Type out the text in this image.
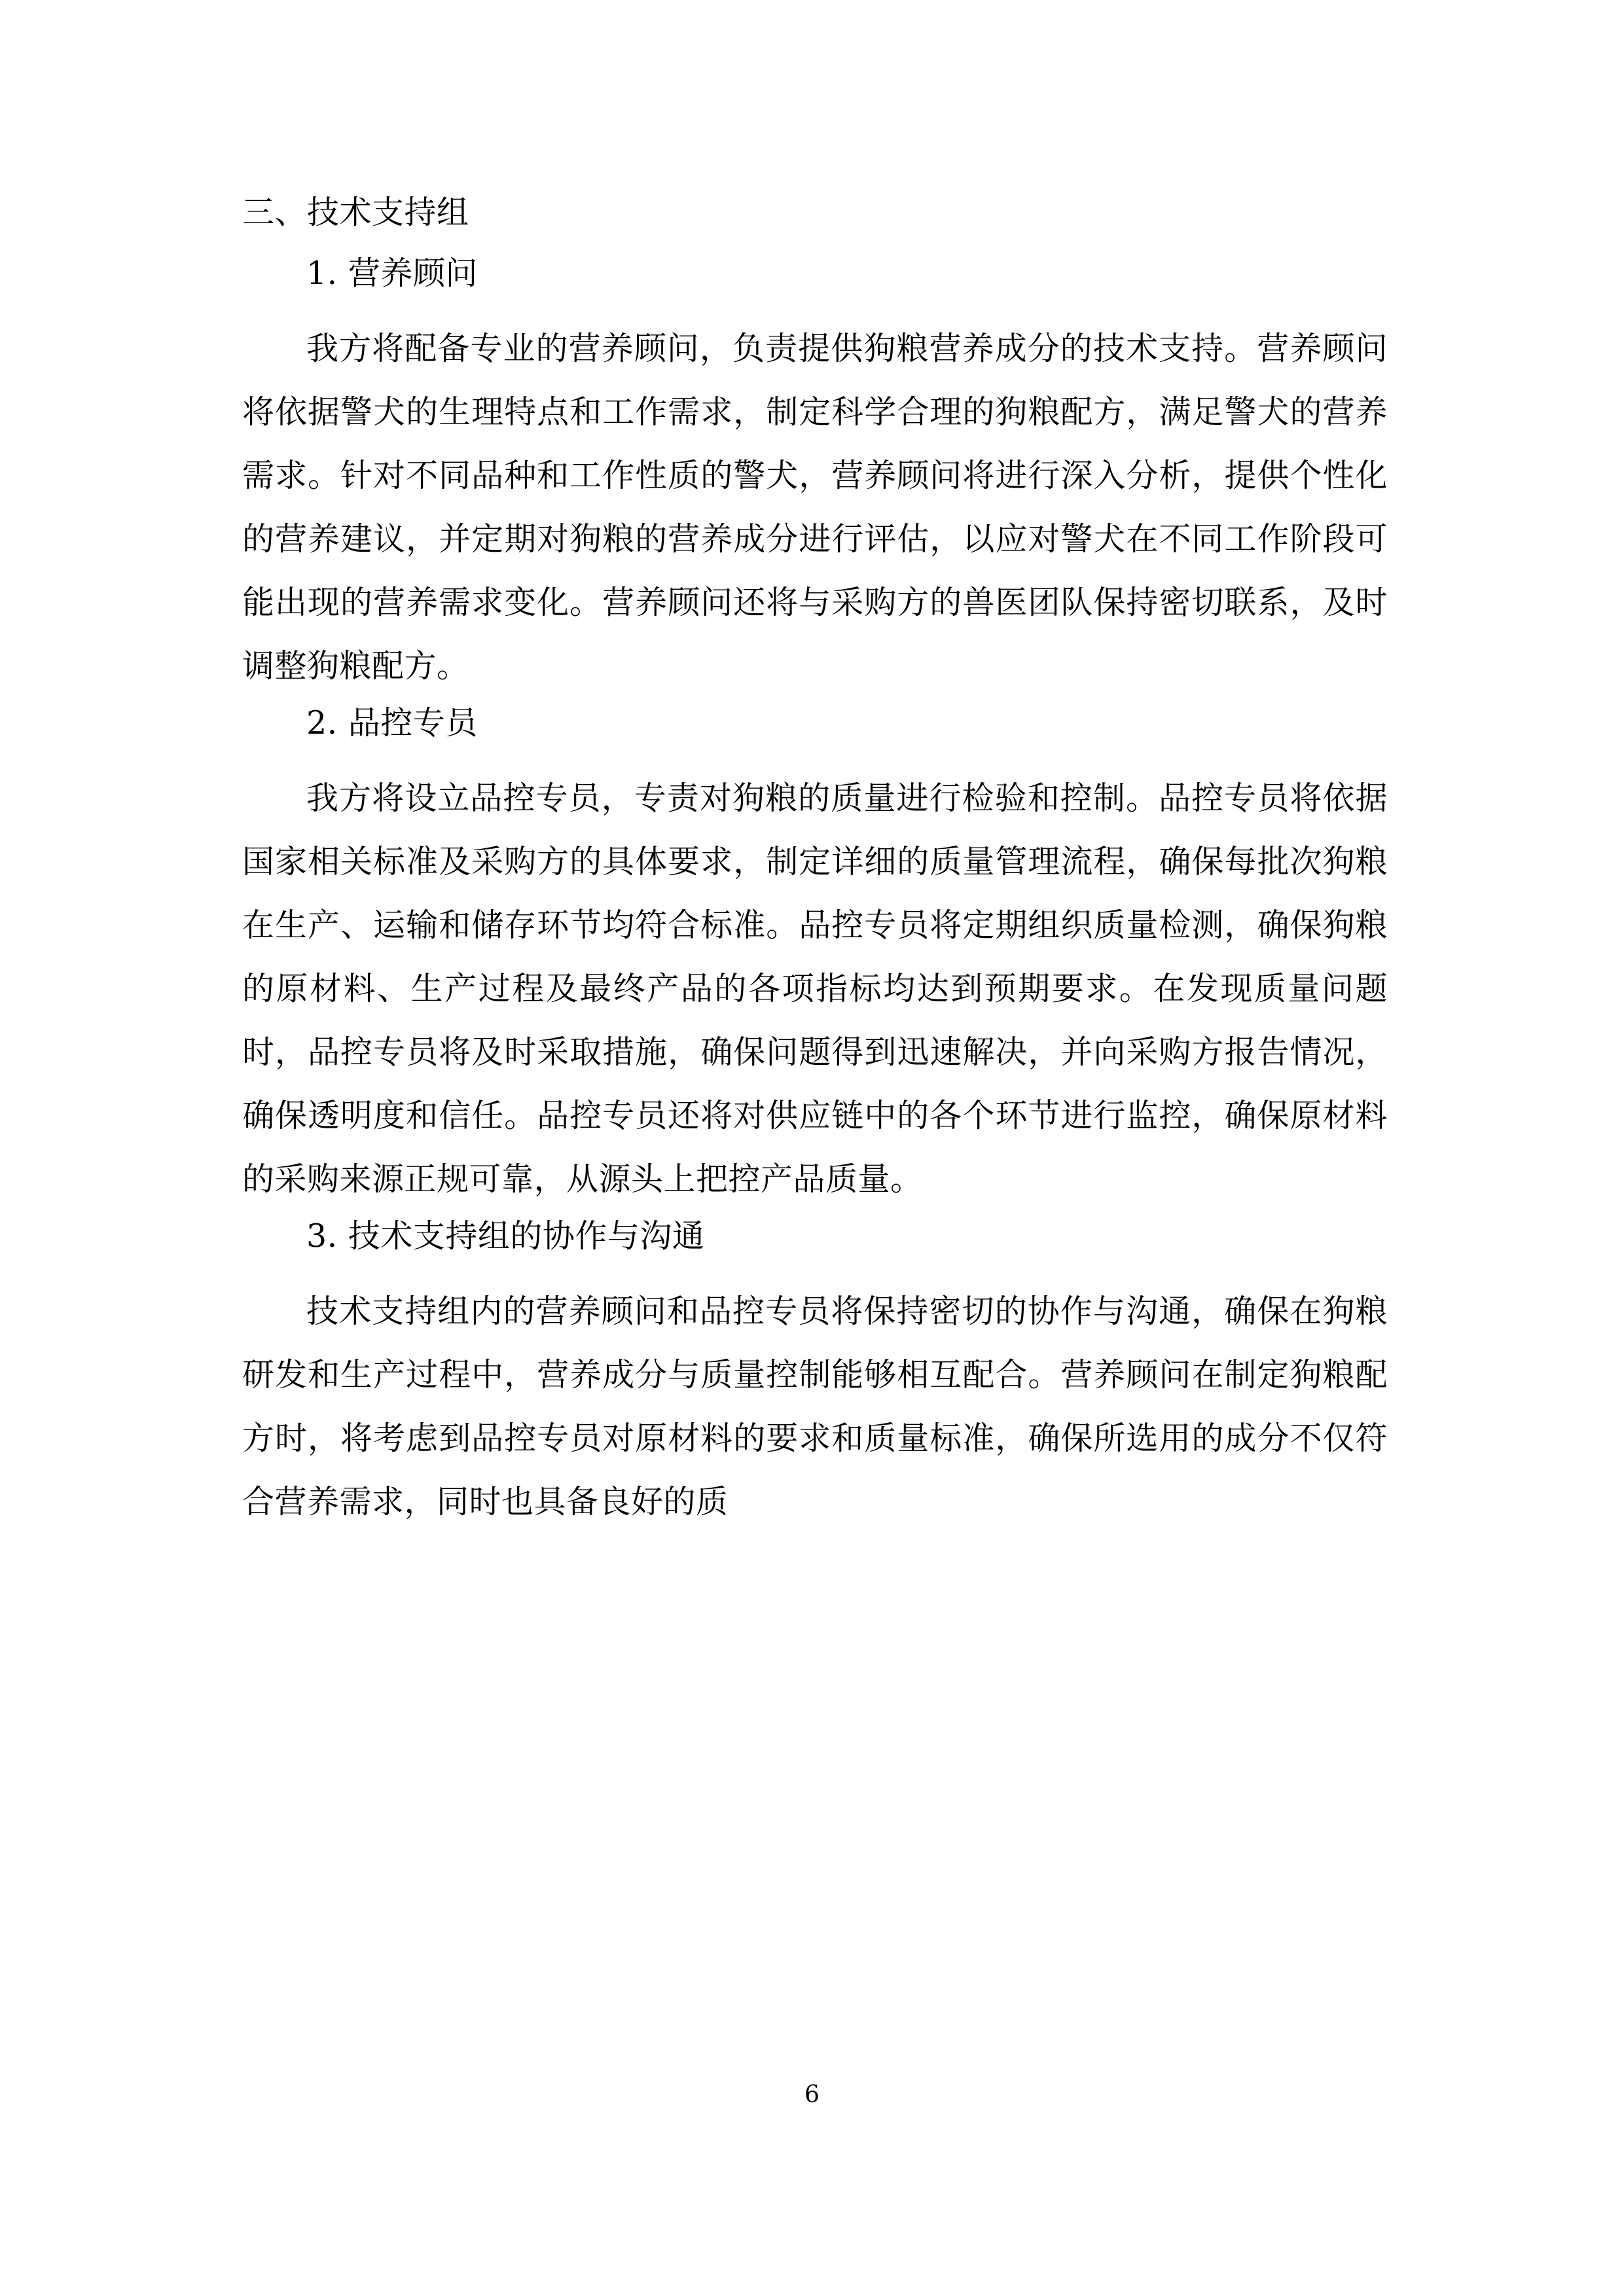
三、技术支持组
1. 营养顾问
我方将配备专业的营养顾问，负责提供狗粮营养成分的技术支持。营养顾问将依据警犬的生理特点和工作需求，制定科学合理的狗粮配方，满足警犬的营养需求。针对不同品种和工作性质的警犬，营养顾问将进行深入分析，提供个性化的营养建议，并定期对狗粮的营养成分进行评估，以应对警犬在不同工作阶段可能出现的营养需求变化。营养顾问还将与采购方的兽医团队保持密切联系，及时调整狗粮配方。
2. 品控专员
我方将设立品控专员，专责对狗粮的质量进行检验和控制。品控专员将依据国家相关标准及采购方的具体要求，制定详细的质量管理流程，确保每批次狗粮在生产、运输和储存环节均符合标准。品控专员将定期组织质量检测，确保狗粮的原材料、生产过程及最终产品的各项指标均达到预期要求。在发现质量问题时，品控专员将及时采取措施，确保问题得到迅速解决，并向采购方报告情况，确保透明度和信任。品控专员还将对供应链中的各个环节进行监控，确保原材料的采购来源正规可靠，从源头上把控产品质量。
3. 技术支持组的协作与沟通
技术支持组内的营养顾问和品控专员将保持密切的协作与沟通，确保在狗粮研发和生产过程中，营养成分与质量控制能够相互配合。营养顾问在制定狗粮配方时，将考虑到品控专员对原材料的要求和质量标准，确保所选用的成分不仅符合营养需求，同时也具备良好的质
6
